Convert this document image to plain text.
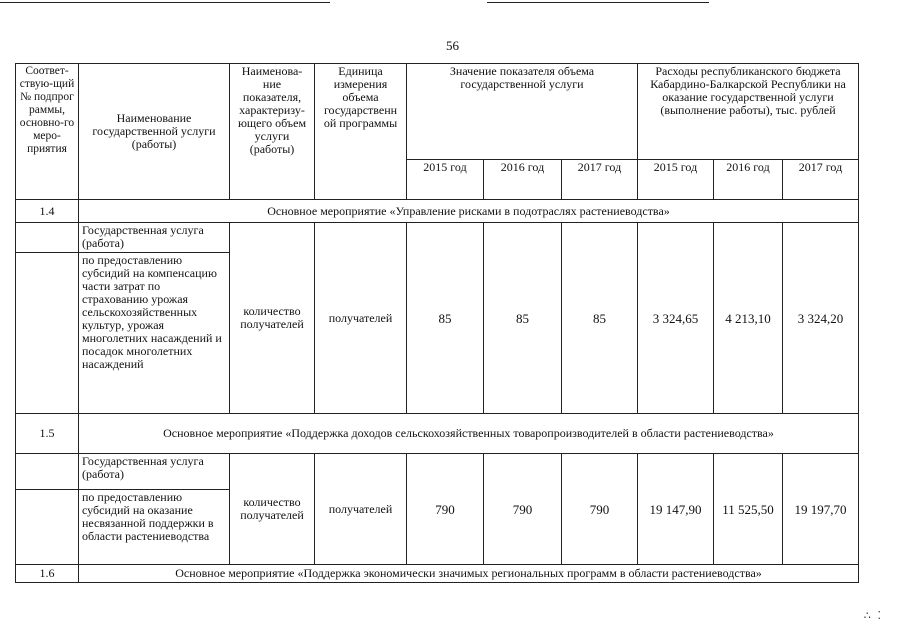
56
Соответ-ствую-щий № подпрог раммы, основно-го меро-приятия	Наименование государственной услуги (работы)	Наименова-ние показателя, характеризу-ющего объем услуги (работы)	Единица измерения объема государственн ой программы	Значение показателя объема государственной услуги			Расходы республиканского бюджета Кабардино-Балкарской Республики на оказание государственной услуги (выполнение работы), тыс. рублей		
				2015 год	2016 год	2017 год	2015 год	2016 год	2017 год
1.4	Основное мероприятие «Управление рисками в подотраслях растениеводства»								
	Государственная услуга (работа)	количество получателей	получателей	85	85	85	3 324,65	4 213,10	3 324,20
	по предоставлению субсидий на компенсацию части затрат по страхованию урожая сельскохозяйственных культур, урожая многолетних насаждений и посадок многолетних насаждений								
1.5	Основное мероприятие «Поддержка доходов сельскохозяйственных товаропроизводителей в области растениеводства»								
	Государственная услуга (работа)	количество получателей	получателей	790	790	790	19 147,90	11 525,50	19 197,70
	по предоставлению субсидий на оказание несвязанной поддержки в области растениеводства								
1.6	Основное мероприятие «Поддержка экономически значимых региональных программ в области растениеводства»								
∴ ⁚
